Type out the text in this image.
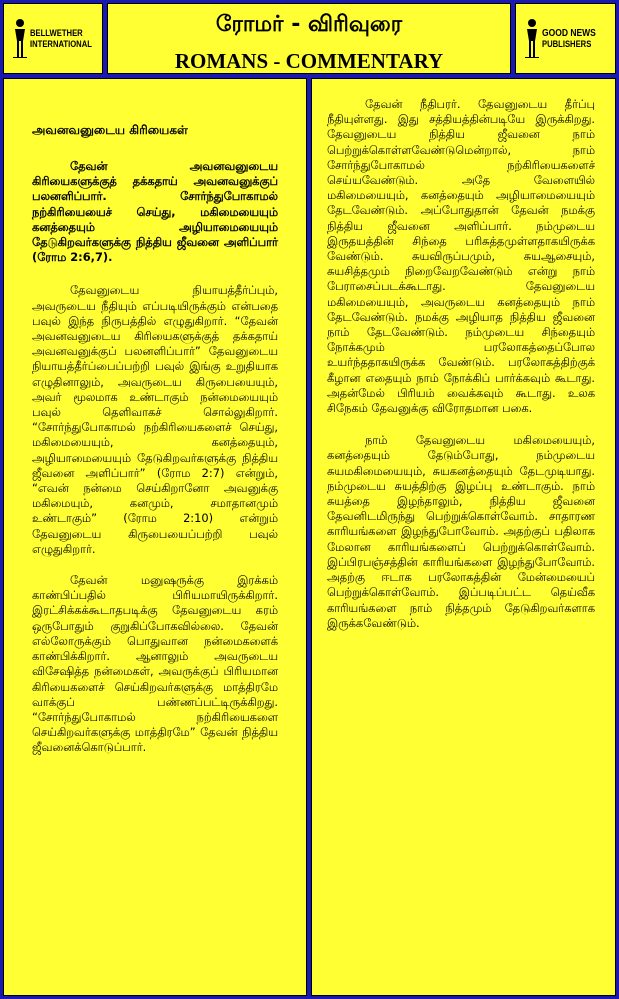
BELLWETHER
INTERNATIONAL
ரோமர் - விரிவுரை
ROMANS - COMMENTARY
GOOD NEWS
PUBLISHERS

அவனவனுடைய கிரியைகள்

தேவன் அவனவனுடைய கிரியைகளுக்குத் தக்கதாய் அவனவனுக்குப் பலனளிப்பார். சோர்ந்துபோகாமல் நற்கிரியையைச் செய்து, மகிமையையும் கனத்தையும் அழியாமையையும் தேடுகிறவர்களுக்கு நித்திய ஜீவனை அளிப்பார் (ரோம 2:6,7).

தேவனுடைய நியாயத்தீர்ப்பும், அவருடைய நீதியும் எப்படியிருக்கும் என்பதை பவுல் இந்த நிருபத்தில் எழுதுகிறார். “தேவன் அவனவனுடைய கிரியைகளுக்குத் தக்கதாய் அவனவனுக்குப் பலனளிப்பார்” தேவனுடைய நியாயத்தீர்ப்பைப்பற்றி பவுல் இங்கு உறுதியாக எழுதினாலும், அவருடைய கிருபையையும், அவர் மூலமாக உண்டாகும் நன்மையையும் பவுல் தெளிவாகச் சொல்லுகிறார். “சோர்ந்துபோகாமல் நற்கிரியைகளைச் செய்து, மகிமையையும், கனத்தையும், அழியாமையையும் தேடுகிறவர்களுக்கு நித்திய ஜீவனை அளிப்பார்” (ரோம 2:7) என்றும், “எவன் நன்மை செய்கிறானோ அவனுக்கு மகிமையும், கனமும், சமாதானமும் உண்டாகும்” (ரோம 2:10) என்றும் தேவனுடைய கிருபையைப்பற்றி பவுல் எழுதுகிறார்.

தேவன் மனுஷருக்கு இரக்கம் காண்பிப்பதில் பிரியமாயிருக்கிறார். இரட்சிக்கக்கூடாதபடிக்கு தேவனுடைய கரம் ஒருபோதும் குறுகிப்போகவில்லை. தேவன் எல்லோருக்கும் பொதுவான நன்மைகளைக் காண்பிக்கிறார். ஆனாலும் அவருடைய விசேஷித்த நன்மைகள், அவருக்குப் பிரியமான கிரியைகளைச் செய்கிறவர்களுக்கு மாத்திரமே வாக்குப் பண்ணப்பட்டிருக்கிறது. “சோர்ந்துபோகாமல் நற்கிரியைகளை செய்கிறவர்களுக்கு மாத்திரமே” தேவன் நித்திய ஜீவனைக்கொடுப்பார்.

தேவன் நீதிபரர். தேவனுடைய தீர்ப்பு நீதியுள்ளது. இது சத்தியத்தின்படியே இருக்கிறது. தேவனுடைய நித்திய ஜீவனை நாம் பெற்றுக்கொள்ளவேண்டுமென்றால், நாம் சோர்ந்துபோகாமல் நற்கிரியைகளைச் செய்யவேண்டும். அதே வேளையில் மகிமையையும், கனத்தையும் அழியாமையையும் தேடவேண்டும். அப்போதுதான் தேவன் நமக்கு நித்திய ஜீவனை அளிப்பார். நம்முடைய இருதயத்தின் சிந்தை பரிசுத்தமுள்ளதாகயிருக்க வேண்டும். சுயவிருப்பமும், சுயஆசையும், சுயசித்தமும் நிறைவேறவேண்டும் என்று நாம் பேராசைப்படக்கூடாது. தேவனுடைய மகிமையையும், அவருடைய கனத்தையும் நாம் தேடவேண்டும். நமக்கு அழியாத நித்திய ஜீவனை நாம் தேடவேண்டும். நம்முடைய சிந்தையும் நோக்கமும் பரலோகத்தைப்போல உயர்ந்ததாகயிருக்க வேண்டும். பரலோகத்திற்குக் கீழான எதையும் நாம் நோக்கிப் பார்க்கவும் கூடாது. அதன்மேல் பிரியம் வைக்கவும் கூடாது. உலக சிநேகம் தேவனுக்கு விரோதமான பகை.

நாம் தேவனுடைய மகிமையையும், கனத்தையும் தேடும்போது, நம்முடைய சுயமகிமையையும், சுயகனத்தையும் தேடமுடியாது. நம்முடைய சுயத்திற்கு இழப்பு உண்டாகும். நாம் சுயத்தை இழந்தாலும், நித்திய ஜீவனை தேவனிடமிருந்து பெற்றுக்கொள்வோம். சாதாரண காரியங்களை இழந்துபோவோம். அதற்குப் பதிலாக மேலான காரியங்களைப் பெற்றுக்கொள்வோம். இப்பிரபஞ்சத்தின் காரியங்களை இழந்துபோவோம். அதற்கு ஈடாக பரலோகத்தின் மேன்மையைப் பெற்றுக்கொள்வோம். இப்படிப்பட்ட தெய்வீக காரியங்களை நாம் நித்தமும் தேடுகிறவர்களாக இருக்கவேண்டும்.
